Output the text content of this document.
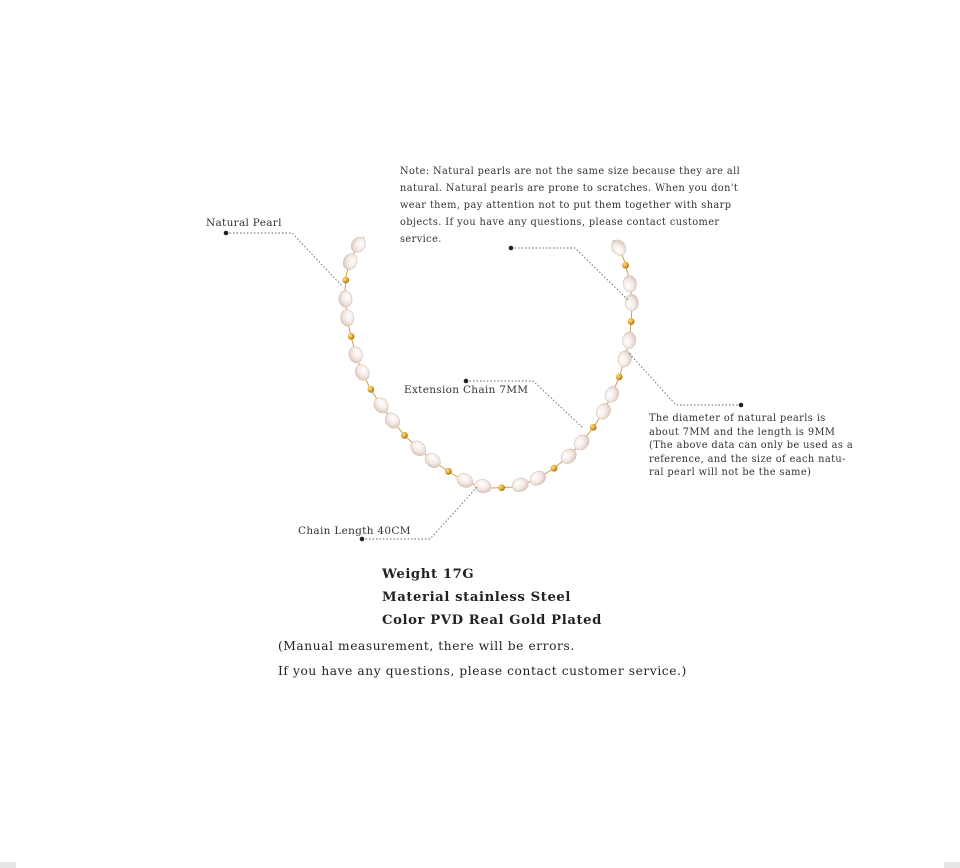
Natural Pearl
Extension Chain 7MM
Chain Length 40CM
Note: Natural pearls are not the same size because they are all
natural. Natural pearls are prone to scratches. When you don't
wear them, pay attention not to put them together with sharp
objects. If you have any questions, please contact customer
service.
The diameter of natural pearls is
about 7MM and the length is 9MM
(The above data can only be used as a
reference, and the size of each natu-
ral pearl will not be the same)
Weight 17G
Material stainless Steel
Color PVD Real Gold Plated
(Manual measurement, there will be errors.
If you have any questions, please contact customer service.)
